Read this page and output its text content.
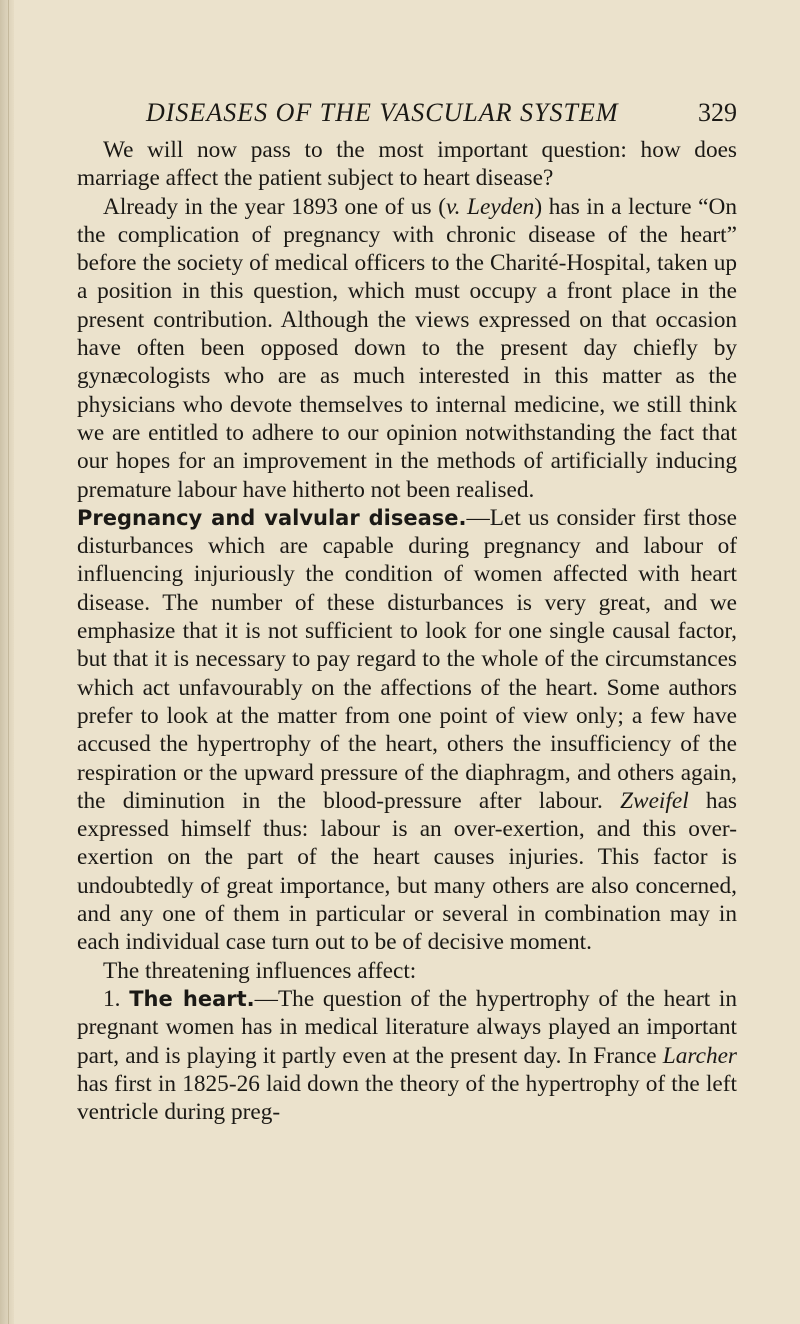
DISEASES OF THE VASCULAR SYSTEM	329

We will now pass to the most important question: how does marriage affect the patient subject to heart disease?

Already in the year 1893 one of us (v. Leyden) has in a lecture “On the complication of pregnancy with chronic disease of the heart” before the society of medical officers to the Charité-Hospital, taken up a position in this question, which must occupy a front place in the present contribution. Although the views expressed on that occasion have often been opposed down to the present day chiefly by gynæcologists who are as much interested in this matter as the physicians who devote themselves to internal medicine, we still think we are entitled to adhere to our opinion notwithstanding the fact that our hopes for an improvement in the methods of artificially inducing premature labour have hitherto not been realised.

Pregnancy and valvular disease.—Let us consider first those disturbances which are capable during pregnancy and labour of influencing injuriously the condition of women affected with heart disease. The number of these disturbances is very great, and we emphasize that it is not sufficient to look for one single causal factor, but that it is necessary to pay regard to the whole of the circumstances which act unfavourably on the affections of the heart. Some authors prefer to look at the matter from one point of view only; a few have accused the hypertrophy of the heart, others the insufficiency of the respiration or the upward pressure of the diaphragm, and others again, the diminution in the blood-pressure after labour. Zweifel has expressed himself thus: labour is an over-exertion, and this over-exertion on the part of the heart causes injuries. This factor is undoubtedly of great importance, but many others are also concerned, and any one of them in particular or several in combination may in each individual case turn out to be of decisive moment.

The threatening influences affect:

1. The heart.—The question of the hypertrophy of the heart in pregnant women has in medical literature always played an important part, and is playing it partly even at the present day. In France Larcher has first in 1825-26 laid down the theory of the hypertrophy of the left ventricle during preg-
